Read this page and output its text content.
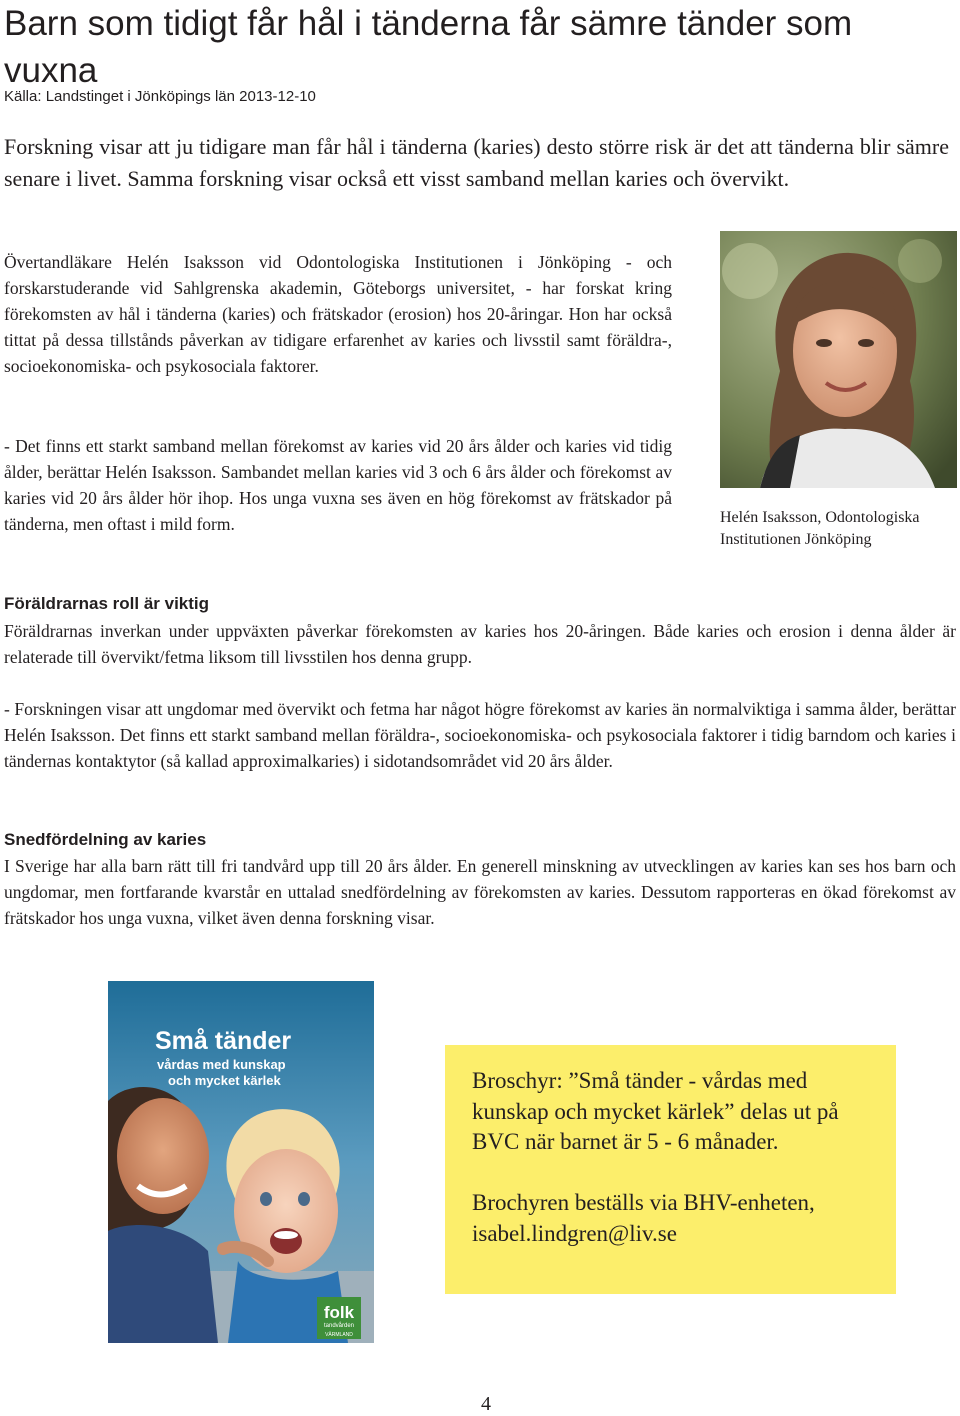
Barn som tidigt får hål i tänderna får sämre tänder som vuxna
Källa: Landstinget i Jönköpings län 2013-12-10

Forskning visar att ju tidigare man får hål i tänderna (karies) desto större risk är det att tänderna blir sämre senare i livet. Samma forskning visar också ett visst samband mellan karies och övervikt.

Övertandläkare Helén Isaksson vid Odontologiska Institutionen i Jönköping - och forskarstuderande vid Sahlgrenska akademin, Göteborgs universitet, - har forskat kring förekomsten av hål i tänderna (karies) och frätskador (erosion) hos 20-åringar. Hon har också tittat på dessa tillstånds påverkan av tidigare erfarenhet av karies och livsstil samt föräldra-, socioekonomiska- och psykosociala faktorer.

- Det finns ett starkt samband mellan förekomst av karies vid 20 års ålder och karies vid tidig ålder, berättar Helén Isaksson. Sambandet mellan karies vid 3 och 6 års ålder och förekomst av karies vid 20 års ålder hör ihop. Hos unga vuxna ses även en hög förekomst av frätskador på tänderna, men oftast i mild form.	Helén Isaksson, Odontologiska Institutionen Jönköping
Föräldrarnas roll är viktig

Föräldrarnas inverkan under uppväxten påverkar förekomsten av karies hos 20-åringen. Både karies och erosion i denna ålder är relaterade till övervikt/fetma liksom till livsstilen hos denna grupp.

- Forskningen visar att ungdomar med övervikt och fetma har något högre förekomst av karies än normalviktiga i samma ålder, berättar Helén Isaksson. Det finns ett starkt samband mellan föräldra-, socioekonomiska- och psykosociala faktorer i tidig barndom och karies i tändernas kontaktytor (så kallad approximalkaries) i sidotandsområdet vid 20 års ålder.

Snedfördelning av karies

I Sverige har alla barn rätt till fri tandvård upp till 20 års ålder. En generell minskning av utvecklingen av karies kan ses hos barn och ungdomar, men fortfarande kvarstår en uttalad snedfördelning av förekomsten av karies. Dessutom rapporteras en ökad förekomst av frätskador hos unga vuxna, vilket även denna forskning visar.

Små tänder
vårdas med kunskap
och mycket kärlek
folk
tandvården
VÄRMLAND

Broschyr: ”Små tänder - vårdas med kunskap och mycket kärlek” delas ut på BVC när barnet är 5 - 6 månader.

Brochyren beställs via BHV-enheten, isabel.lindgren@liv.se

4
